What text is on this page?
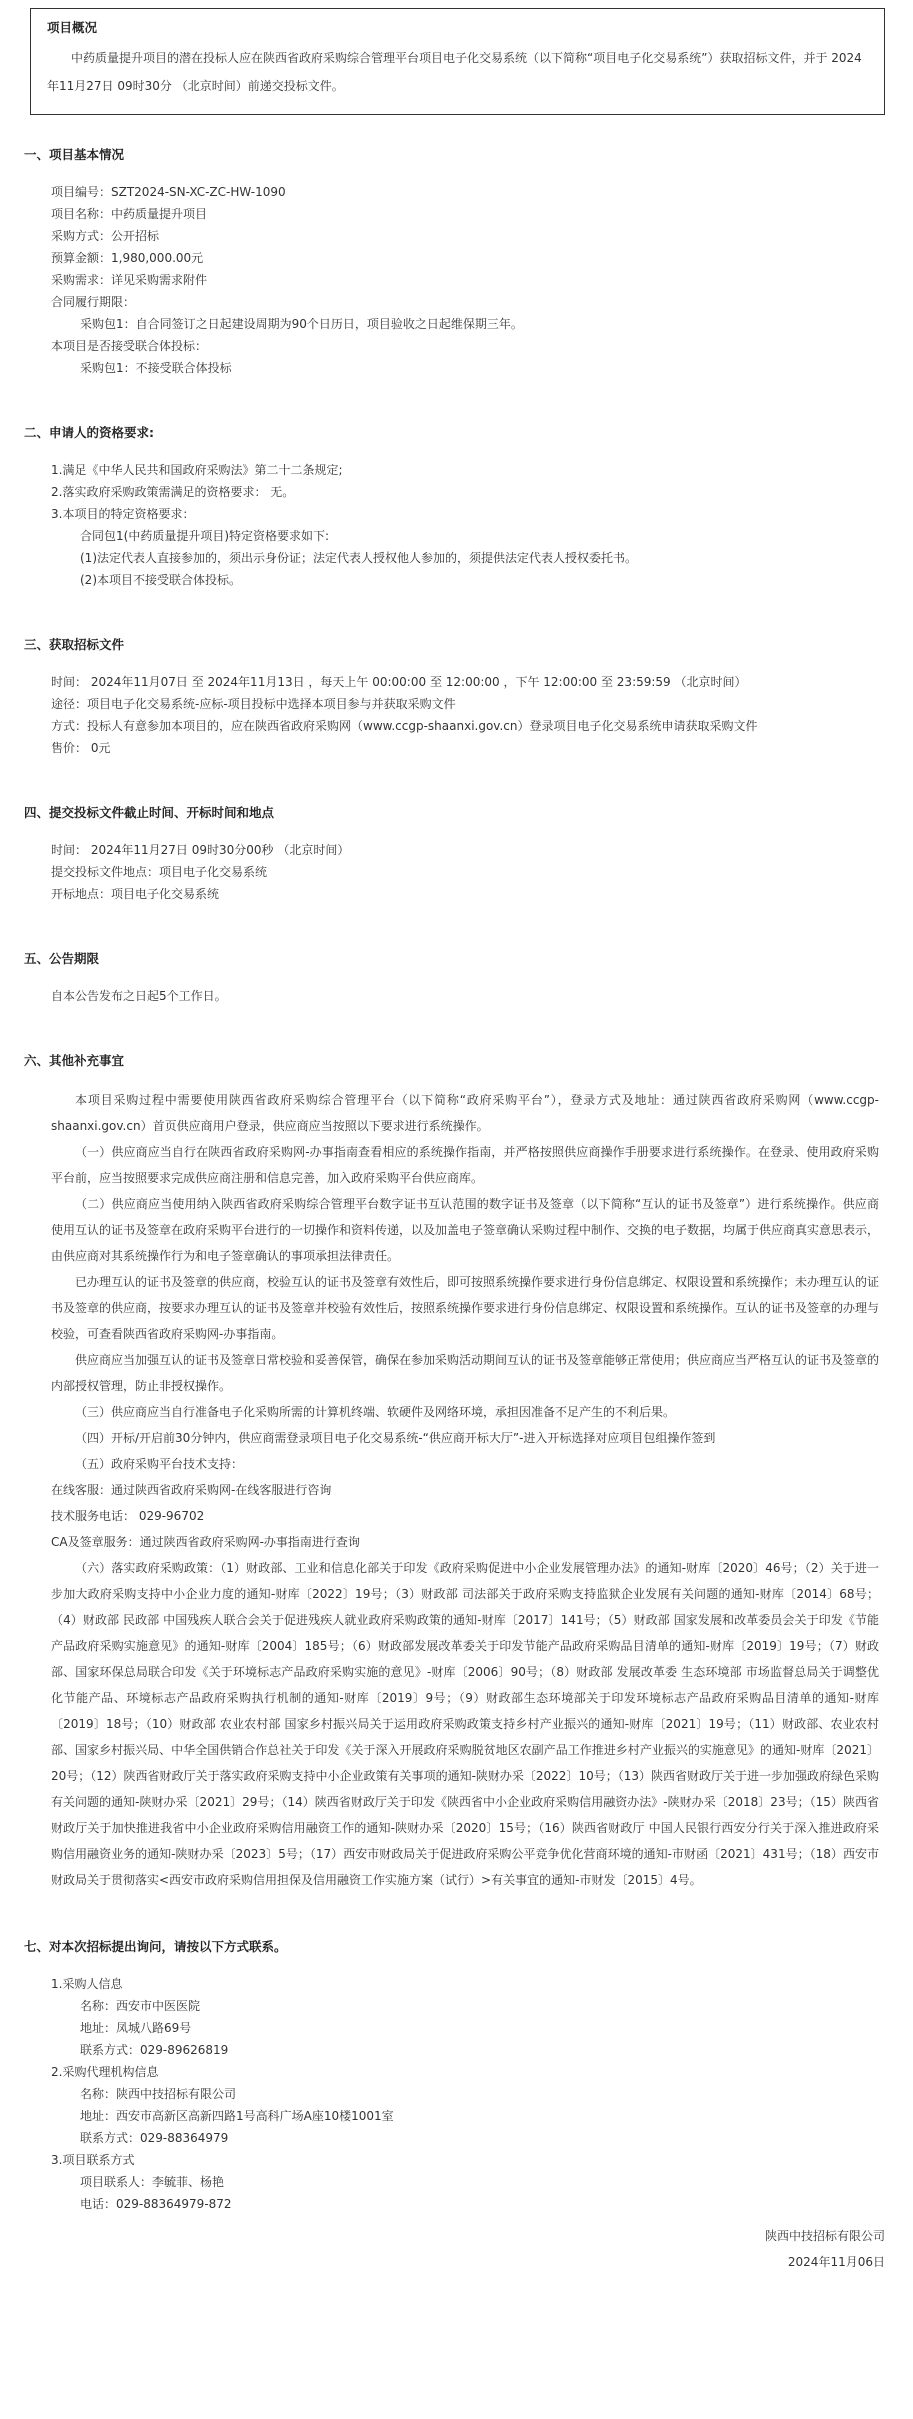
项目概况

中药质量提升项目的潜在投标人应在陕西省政府采购综合管理平台项目电子化交易系统（以下简称“项目电子化交易系统”）获取招标文件，并于 2024年11月27日 09时30分 （北京时间）前递交投标文件。

一、项目基本情况

项目编号：SZT2024-SN-XC-ZC-HW-1090

项目名称：中药质量提升项目

采购方式：公开招标

预算金额：1,980,000.00元

采购需求：详见采购需求附件

合同履行期限：

采购包1：自合同签订之日起建设周期为90个日历日，项目验收之日起维保期三年。

本项目是否接受联合体投标：

采购包1：不接受联合体投标

二、申请人的资格要求:

1.满足《中华人民共和国政府采购法》第二十二条规定;

2.落实政府采购政策需满足的资格要求： 无。

3.本项目的特定资格要求：

合同包1(中药质量提升项目)特定资格要求如下:

(1)法定代表人直接参加的，须出示身份证；法定代表人授权他人参加的，须提供法定代表人授权委托书。

(2)本项目不接受联合体投标。

三、获取招标文件

时间： 2024年11月07日 至 2024年11月13日 ，每天上午 00:00:00 至 12:00:00 ，下午 12:00:00 至 23:59:59 （北京时间）

途径：项目电子化交易系统-应标-项目投标中选择本项目参与并获取采购文件

方式：投标人有意参加本项目的，应在陕西省政府采购网（www.ccgp-shaanxi.gov.cn）登录项目电子化交易系统申请获取采购文件

售价： 0元

四、提交投标文件截止时间、开标时间和地点

时间： 2024年11月27日 09时30分00秒 （北京时间）

提交投标文件地点：项目电子化交易系统

开标地点：项目电子化交易系统

五、公告期限

自本公告发布之日起5个工作日。

六、其他补充事宜

本项目采购过程中需要使用陕西省政府采购综合管理平台（以下简称“政府采购平台”），登录方式及地址：通过陕西省政府采购网（www.ccgp-shaanxi.gov.cn）首页供应商用户登录，供应商应当按照以下要求进行系统操作。

（一）供应商应当自行在陕西省政府采购网-办事指南查看相应的系统操作指南，并严格按照供应商操作手册要求进行系统操作。在登录、使用政府采购平台前，应当按照要求完成供应商注册和信息完善，加入政府采购平台供应商库。

（二）供应商应当使用纳入陕西省政府采购综合管理平台数字证书互认范围的数字证书及签章（以下简称“互认的证书及签章”）进行系统操作。供应商使用互认的证书及签章在政府采购平台进行的一切操作和资料传递，以及加盖电子签章确认采购过程中制作、交换的电子数据，均属于供应商真实意思表示，由供应商对其系统操作行为和电子签章确认的事项承担法律责任。

已办理互认的证书及签章的供应商，校验互认的证书及签章有效性后，即可按照系统操作要求进行身份信息绑定、权限设置和系统操作；未办理互认的证书及签章的供应商，按要求办理互认的证书及签章并校验有效性后，按照系统操作要求进行身份信息绑定、权限设置和系统操作。互认的证书及签章的办理与校验，可查看陕西省政府采购网-办事指南。

供应商应当加强互认的证书及签章日常校验和妥善保管，确保在参加采购活动期间互认的证书及签章能够正常使用；供应商应当严格互认的证书及签章的内部授权管理，防止非授权操作。

（三）供应商应当自行准备电子化采购所需的计算机终端、软硬件及网络环境，承担因准备不足产生的不利后果。

（四）开标/开启前30分钟内，供应商需登录项目电子化交易系统-“供应商开标大厅”-进入开标选择对应项目包组操作签到

（五）政府采购平台技术支持：

在线客服：通过陕西省政府采购网-在线客服进行咨询

技术服务电话： 029-96702

CA及签章服务：通过陕西省政府采购网-办事指南进行查询

（六）落实政府采购政策：（1）财政部、工业和信息化部关于印发《政府采购促进中小企业发展管理办法》的通知-财库〔2020〕46号；（2）关于进一步加大政府采购支持中小企业力度的通知-财库〔2022〕19号；（3）财政部 司法部关于政府采购支持监狱企业发展有关问题的通知-财库〔2014〕68号；（4）财政部 民政部 中国残疾人联合会关于促进残疾人就业政府采购政策的通知-财库〔2017〕141号；（5）财政部 国家发展和改革委员会关于印发《节能产品政府采购实施意见》的通知-财库〔2004〕185号；（6）财政部发展改革委关于印发节能产品政府采购品目清单的通知-财库〔2019〕19号；（7）财政部、国家环保总局联合印发《关于环境标志产品政府采购实施的意见》-财库〔2006〕90号；（8）财政部 发展改革委 生态环境部 市场监督总局关于调整优化节能产品、环境标志产品政府采购执行机制的通知-财库〔2019〕9号；（9）财政部生态环境部关于印发环境标志产品政府采购品目清单的通知-财库〔2019〕18号；（10）财政部 农业农村部 国家乡村振兴局关于运用政府采购政策支持乡村产业振兴的通知-财库〔2021〕19号；（11）财政部、农业农村部、国家乡村振兴局、中华全国供销合作总社关于印发《关于深入开展政府采购脱贫地区农副产品工作推进乡村产业振兴的实施意见》的通知-财库〔2021〕20号；（12）陕西省财政厅关于落实政府采购支持中小企业政策有关事项的通知-陕财办采〔2022〕10号；（13）陕西省财政厅关于进一步加强政府绿色采购有关问题的通知-陕财办采〔2021〕29号；（14）陕西省财政厅关于印发《陕西省中小企业政府采购信用融资办法》-陕财办采〔2018〕23号；（15）陕西省财政厅关于加快推进我省中小企业政府采购信用融资工作的通知-陕财办采〔2020〕15号；（16）陕西省财政厅 中国人民银行西安分行关于深入推进政府采购信用融资业务的通知-陕财办采〔2023〕5号；（17）西安市财政局关于促进政府采购公平竞争优化营商环境的通知-市财函〔2021〕431号；（18）西安市财政局关于贯彻落实<西安市政府采购信用担保及信用融资工作实施方案（试行）>有关事宜的通知-市财发〔2015〕4号。

七、对本次招标提出询问，请按以下方式联系。

1.采购人信息

名称：西安市中医医院

地址：凤城八路69号

联系方式：029-89626819

2.采购代理机构信息

名称：陕西中技招标有限公司

地址：西安市高新区高新四路1号高科广场A座10楼1001室

联系方式：029-88364979

3.项目联系方式

项目联系人：李毓菲、杨艳

电话：029-88364979-872

陕西中技招标有限公司

2024年11月06日
